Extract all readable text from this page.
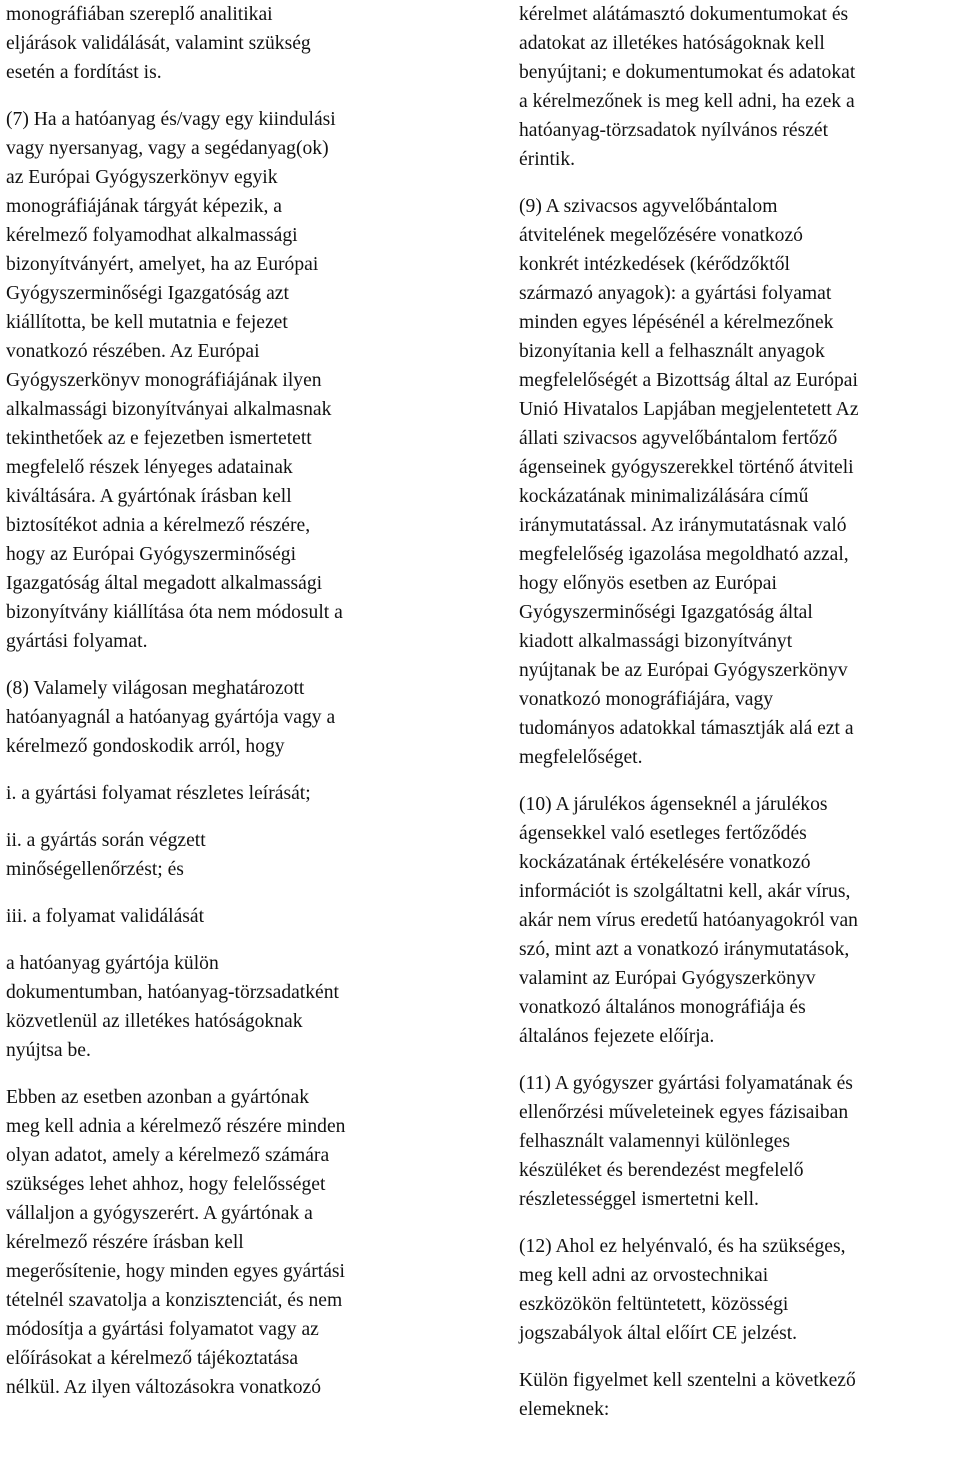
monográfiában szereplő analitikai
eljárások validálását, valamint szükség
esetén a fordítást is.

(7) Ha a hatóanyag és/vagy egy kiindulási
vagy nyersanyag, vagy a segédanyag(ok)
az Európai Gyógyszerkönyv egyik
monográfiájának tárgyát képezik, a
kérelmező folyamodhat alkalmassági
bizonyítványért, amelyet, ha az Európai
Gyógyszerminőségi Igazgatóság azt
kiállította, be kell mutatnia e fejezet
vonatkozó részében. Az Európai
Gyógyszerkönyv monográfiájának ilyen
alkalmassági bizonyítványai alkalmasnak
tekinthetőek az e fejezetben ismertetett
megfelelő részek lényeges adatainak
kiváltására. A gyártónak írásban kell
biztosítékot adnia a kérelmező részére,
hogy az Európai Gyógyszerminőségi
Igazgatóság által megadott alkalmassági
bizonyítvány kiállítása óta nem módosult a
gyártási folyamat.

(8) Valamely világosan meghatározott
hatóanyagnál a hatóanyag gyártója vagy a
kérelmező gondoskodik arról, hogy

i. a gyártási folyamat részletes leírását;

ii. a gyártás során végzett
minőségellenőrzést; és

iii. a folyamat validálását

a hatóanyag gyártója külön
dokumentumban, hatóanyag-törzsadatként
közvetlenül az illetékes hatóságoknak
nyújtsa be.

Ebben az esetben azonban a gyártónak
meg kell adnia a kérelmező részére minden
olyan adatot, amely a kérelmező számára
szükséges lehet ahhoz, hogy felelősséget
vállaljon a gyógyszerért. A gyártónak a
kérelmező részére írásban kell
megerősítenie, hogy minden egyes gyártási
tételnél szavatolja a konzisztenciát, és nem
módosítja a gyártási folyamatot vagy az
előírásokat a kérelmező tájékoztatása
nélkül. Az ilyen változásokra vonatkozó

kérelmet alátámasztó dokumentumokat és
adatokat az illetékes hatóságoknak kell
benyújtani; e dokumentumokat és adatokat
a kérelmezőnek is meg kell adni, ha ezek a
hatóanyag-törzsadatok nyílvános részét
érintik.

(9) A szivacsos agyvelőbántalom
átvitelének megelőzésére vonatkozó
konkrét intézkedések (kérődzőktől
származó anyagok): a gyártási folyamat
minden egyes lépésénél a kérelmezőnek
bizonyítania kell a felhasznált anyagok
megfelelőségét a Bizottság által az Európai
Unió Hivatalos Lapjában megjelentetett Az
állati szivacsos agyvelőbántalom fertőző
ágenseinek gyógyszerekkel történő átviteli
kockázatának minimalizálására című
iránymutatással. Az iránymutatásnak való
megfelelőség igazolása megoldható azzal,
hogy előnyös esetben az Európai
Gyógyszerminőségi Igazgatóság által
kiadott alkalmassági bizonyítványt
nyújtanak be az Európai Gyógyszerkönyv
vonatkozó monográfiájára, vagy
tudományos adatokkal támasztják alá ezt a
megfelelőséget.

(10) A járulékos ágenseknél a járulékos
ágensekkel való esetleges fertőződés
kockázatának értékelésére vonatkozó
információt is szolgáltatni kell, akár vírus,
akár nem vírus eredetű hatóanyagokról van
szó, mint azt a vonatkozó iránymutatások,
valamint az Európai Gyógyszerkönyv
vonatkozó általános monográfiája és
általános fejezete előírja.

(11) A gyógyszer gyártási folyamatának és
ellenőrzési műveleteinek egyes fázisaiban
felhasznált valamennyi különleges
készüléket és berendezést megfelelő
részletességgel ismertetni kell.

(12) Ahol ez helyénvaló, és ha szükséges,
meg kell adni az orvostechnikai
eszközökön feltüntetett, közösségi
jogszabályok által előírt CE jelzést.

Külön figyelmet kell szentelni a következő
elemeknek:
